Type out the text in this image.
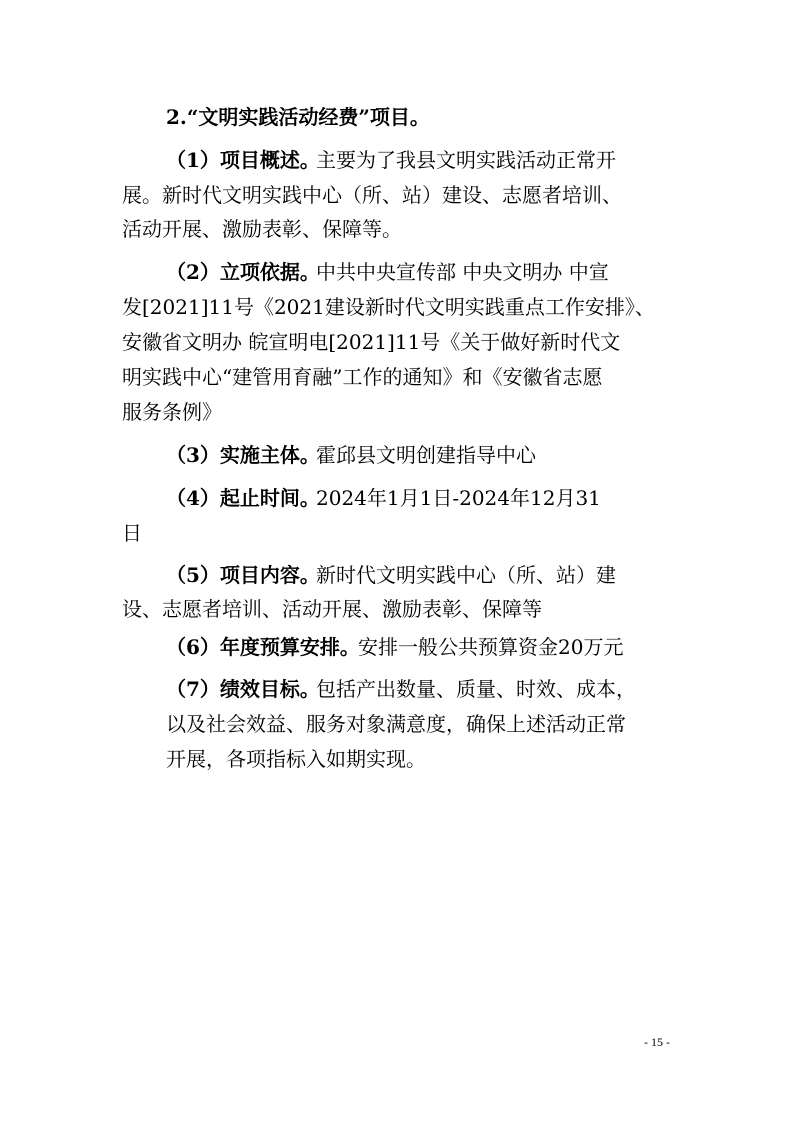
2.“文明实践活动经费”项目。
（1）项目概述。
主要为了我县文明实践活动正常开
展。新时代文明实践中心（所、站）建设、志愿者培训、
活动开展、激励表彰、保障等。
（2）立项依据。
中共中央宣传部 中央文明办 中宣
发[2021]11号《2021建设新时代文明实践重点工作安排》、
安徽省文明办 皖宣明电[2021]11号《关于做好新时代文
明实践中心“建管用育融”工作的通知》和《安徽省志愿
服务条例》
（3）实施主体。
霍邱县文明创建指导中心
（4）起止时间。
2024年1月1日-2024年12月31
日
（5）项目内容。
新时代文明实践中心（所、站）建
设、志愿者培训、活动开展、激励表彰、保障等
（6）年度预算安排。
安排一般公共预算资金20万元
（7）绩效目标。
包括产出数量、质量、时效、成本，
以及社会效益、服务对象满意度，确保上述活动正常
开展，各项指标入如期实现。
- 15 -
